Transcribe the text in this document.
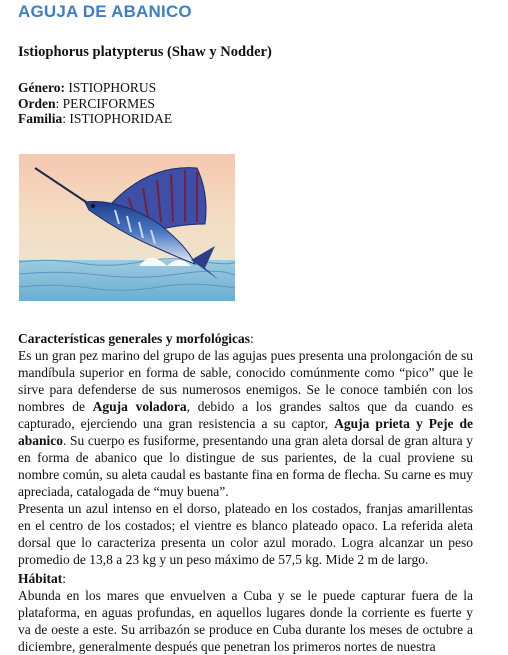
AGUJA DE ABANICO
Istiophorus platypterus (Shaw y Nodder)
Género: ISTIOPHORUS
Orden: PERCIFORMES
Familia: ISTIOPHORIDAE

Características generales y morfológicas:

Es un gran pez marino del grupo de las agujas pues presenta una prolongación de su mandíbula superior en forma de sable, conocido comúnmente como “pico” que le sirve para defenderse de sus numerosos enemigos. Se le conoce también con los nombres de Aguja voladora, debido a los grandes saltos que da cuando es capturado, ejerciendo una gran resistencia a su captor, Aguja prieta y Peje de abanico. Su cuerpo es fusiforme, presentando una gran aleta dorsal de gran altura y en forma de abanico que lo distingue de sus parientes, de la cual proviene su nombre común, su aleta caudal es bastante fina en forma de flecha. Su carne es muy apreciada, catalogada de “muy buena”.

Presenta un azul intenso en el dorso, plateado en los costados, franjas amarillentas en el centro de los costados; el vientre es blanco plateado opaco. La referida aleta dorsal que lo caracteriza presenta un color azul morado. Logra alcanzar un peso promedio de 13,8 a 23 kg y un peso máximo de 57,5 kg. Mide 2 m de largo.

Hábitat:

Abunda en los mares que envuelven a Cuba y se le puede capturar fuera de la plataforma, en aguas profundas, en aquellos lugares donde la corriente es fuerte y va de oeste a este. Su arribazón se produce en Cuba durante los meses de octubre a diciembre, generalmente después que penetran los primeros nortes de nuestra
